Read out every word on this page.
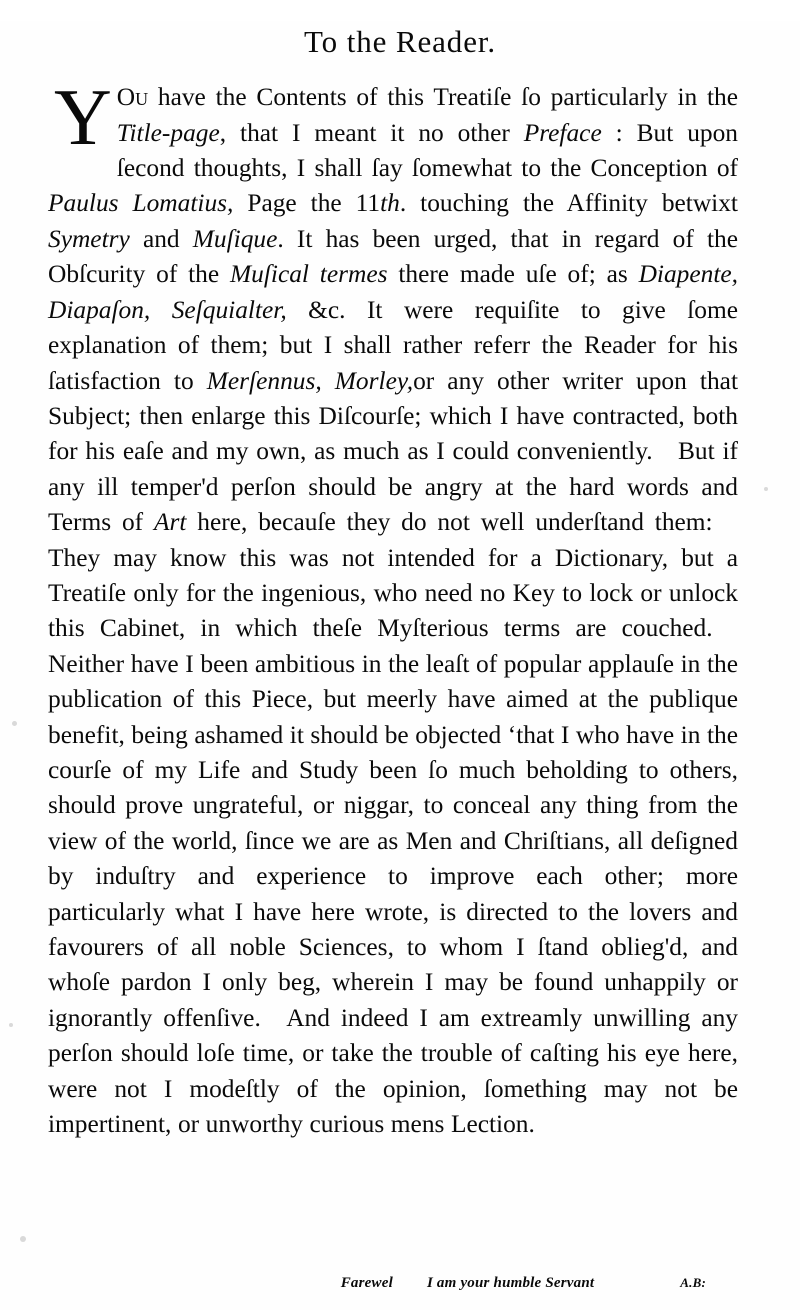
To the Reader.
Y Ou have the Contents of this Treatiſe ſo particularly in the Title-page, that I meant it no other Preface : But upon ſecond thoughts, I shall ſay ſomewhat to the Conception of Paulus Lomatius, Page the 11th. touching the Affinity betwixt Symetry and Muſique. It has been urged, that in regard of the Obſcurity of the Muſical termes there made uſe of; as Diapente, Diapaſon, Seſquialter, &c. It were requiſite to give ſome explanation of them; but I shall rather referr the Reader for his ſatisfaction to Merſennus, Morley,or any other writer upon that Subject; then enlarge this Diſcourſe; which I have contracted, both for his eaſe and my own, as much as I could conveniently. But if any ill temper'd perſon should be angry at the hard words and Terms of Art here, becauſe they do not well underſtand them: They may know this was not intended for a Dictionary, but a Treatiſe only for the ingenious, who need no Key to lock or unlock this Cabinet, in which theſe Myſterious terms are couched. Neither have I been ambitious in the leaſt of popular applauſe in the publication of this Piece, but meerly have aimed at the publique benefit, being ashamed it should be objected ‘that I who have in the courſe of my Life and Study been ſo much beholding to others, should prove ungrateful, or niggar, to conceal any thing from the view of the world, ſince we are as Men and Chriſtians, all deſigned by induſtry and experience to improve each other; more particularly what I have here wrote, is directed to the lovers and favourers of all noble Sciences, to whom I ſtand oblieg'd, and whoſe pardon I only beg, wherein I may be found unhappily or ignorantly offenſive. And indeed I am extreamly unwilling any perſon should loſe time, or take the trouble of caſting his eye here, were not I modeſtly of the opinion, ſomething may not be impertinent, or unworthy curious mens Lection.
Farewel I am your humble Servant	A.B:
